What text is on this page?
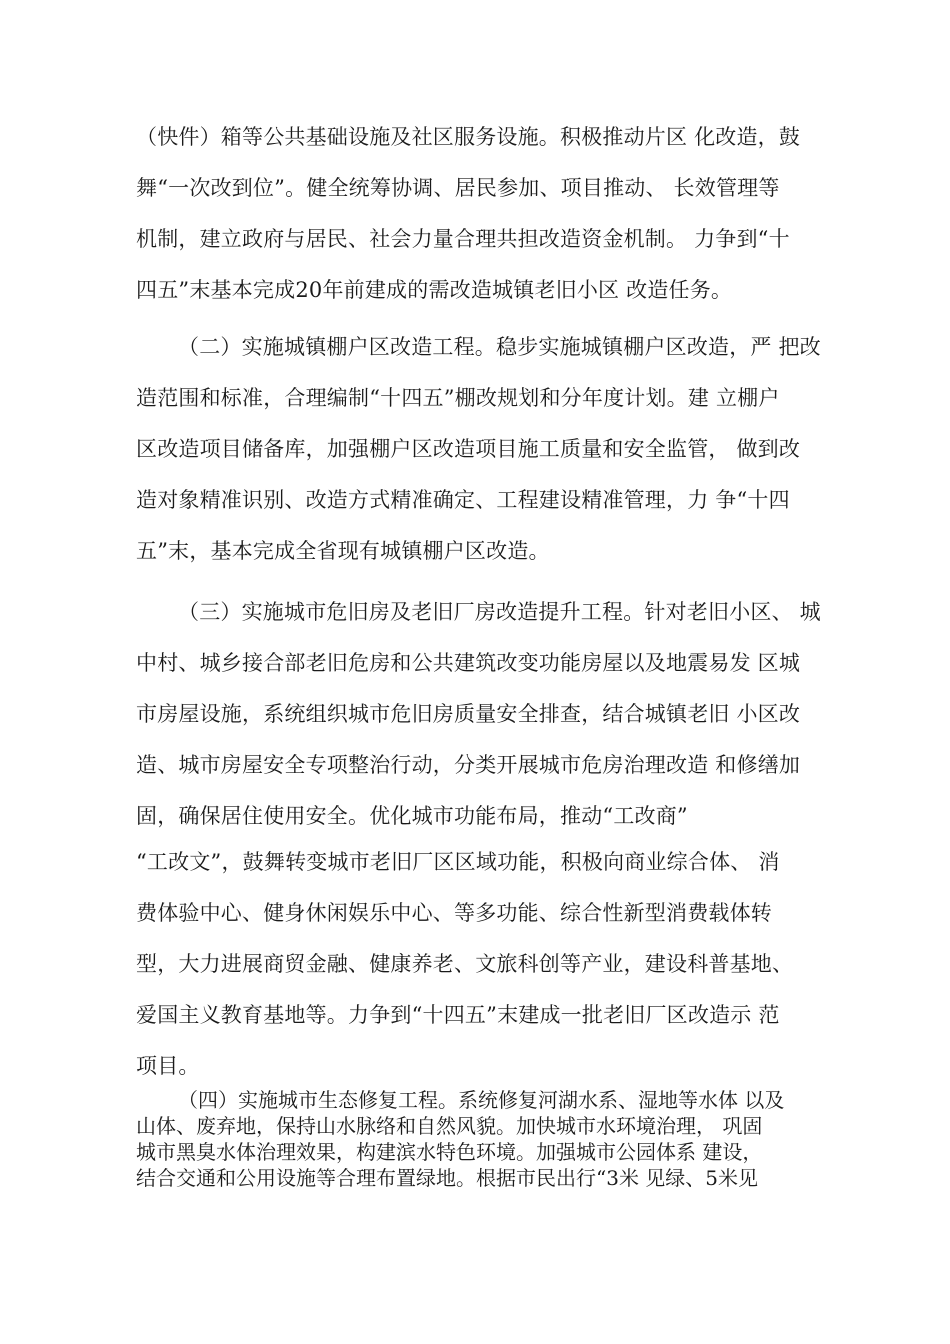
（快件）箱等公共基础设施及社区服务设施。积极推动片区 化改造，鼓
舞“一次改到位”。健全统筹协调、居民参加、项目推动、 长效管理等
机制，建立政府与居民、社会力量合理共担改造资金机制。 力争到“十
四五”末基本完成20年前建成的需改造城镇老旧小区 改造任务。
（二）实施城镇棚户区改造工程。稳步实施城镇棚户区改造，严 把改
造范围和标准，合理编制“十四五”棚改规划和分年度计划。建 立棚户
区改造项目储备库，加强棚户区改造项目施工质量和安全监管， 做到改
造对象精准识别、改造方式精准确定、工程建设精准管理，力 争“十四
五”末，基本完成全省现有城镇棚户区改造。
（三）实施城市危旧房及老旧厂房改造提升工程。针对老旧小区、 城
中村、城乡接合部老旧危房和公共建筑改变功能房屋以及地震易发 区城
市房屋设施，系统组织城市危旧房质量安全排查，结合城镇老旧 小区改
造、城市房屋安全专项整治行动，分类开展城市危房治理改造 和修缮加
固，确保居住使用安全。优化城市功能布局，推动“工改商”
“工改文”，鼓舞转变城市老旧厂区区域功能，积极向商业综合体、 消
费体验中心、健身休闲娱乐中心、等多功能、综合性新型消费载体转
型，大力进展商贸金融、健康养老、文旅科创等产业，建设科普基地、
爱国主义教育基地等。力争到“十四五”末建成一批老旧厂区改造示 范
项目。
（四）实施城市生态修复工程。系统修复河湖水系、湿地等水体 以及
山体、废弃地，保持山水脉络和自然风貌。加快城市水环境治理， 巩固
城市黑臭水体治理效果，构建滨水特色环境。加强城市公园体系 建设，
结合交通和公用设施等合理布置绿地。根据市民出行“3米 见绿、5米见
